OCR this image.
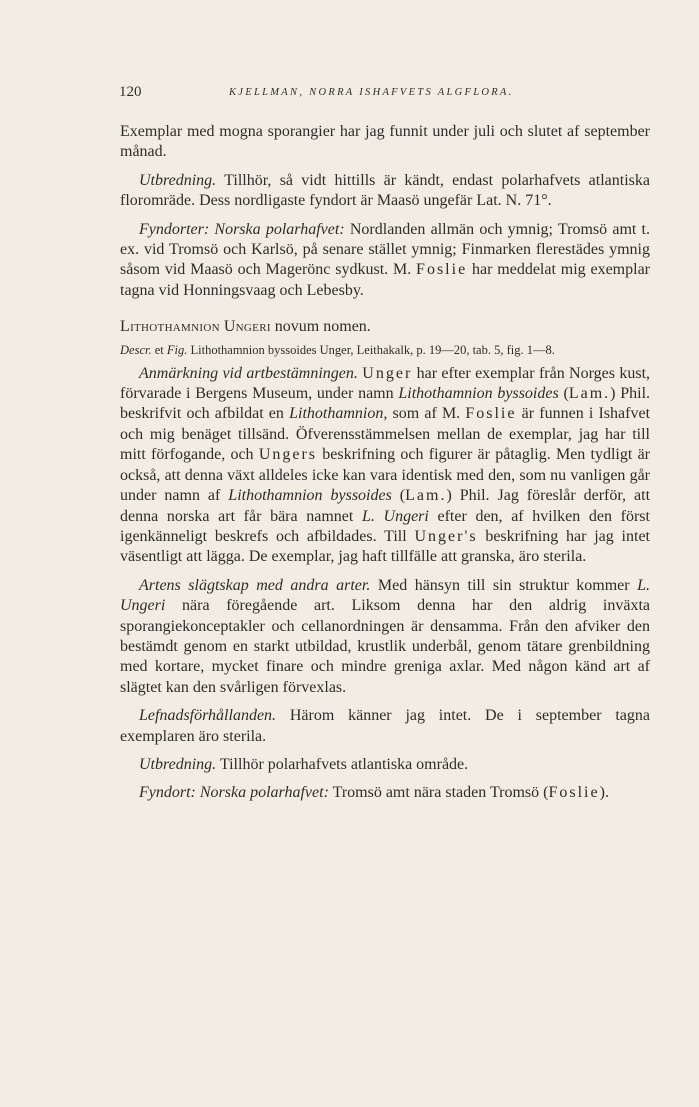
120	KJELLMAN, NORRA ISHAFVETS ALGFLORA.

Exemplar med mogna sporangier har jag funnit under juli och slutet af september månad.

Utbredning. Tillhör, så vidt hittills är kändt, endast polarhafvets atlantiska floromräde. Dess nordligaste fyndort är Maasö ungefär Lat. N. 71°.

Fyndorter: Norska polarhafvet: Nordlanden allmän och ymnig; Tromsö amt t. ex. vid Tromsö och Karlsö, på senare stället ymnig; Finmarken flerestädes ymnig såsom vid Maasö och Magerönс sydkust. M. Foslie har meddelat mig exemplar tagna vid Honningsvaag och Lebesby.

Lithothamnion Ungeri novum nomen.

Descr. et Fig. Lithothamnion byssoides Unger, Leithakalk, p. 19—20, tab. 5, fig. 1—8.

Anmärkning vid artbestämningen. Unger har efter exemplar från Norges kust, förvarade i Bergens Museum, under namn Lithothamnion byssoides (Lam.) Phil. beskrifvit och afbildat en Lithothamnion, som af M. Foslie är funnen i Ishafvet och mig benäget tillsänd. Öfverensstämmelsen mellan de exemplar, jag har till mitt förfogande, och Ungers beskrifning och figurer är påtaglig. Men tydligt är också, att denna växt alldeles icke kan vara identisk med den, som nu vanligen går under namn af Lithothamnion byssoides (Lam.) Phil. Jag föreslår derför, att denna norska art får bära namnet L. Ungeri efter den, af hvilken den först igenkänneligt beskrefs och afbildades. Till Unger's beskrifning har jag intet väsentligt att lägga. De exemplar, jag haft tillfälle att granska, äro sterila.

Artens slägtskap med andra arter. Med hänsyn till sin struktur kommer L. Ungeri nära föregående art. Liksom denna har den aldrig inväxta sporangiekonceptakler och cellanordningen är densamma. Från den afviker den bestämdt genom en starkt utbildad, krustlik underbål, genom tätare grenbildning med kortare, mycket finare och mindre greniga axlar. Med någon känd art af slägtet kan den svårligen förvexlas.

Lefnadsförhållanden. Härom känner jag intet. De i september tagna exemplaren äro sterila.

Utbredning. Tillhör polarhafvets atlantiska område.

Fyndort: Norska polarhafvet: Tromsö amt nära staden Tromsö (Foslie).
